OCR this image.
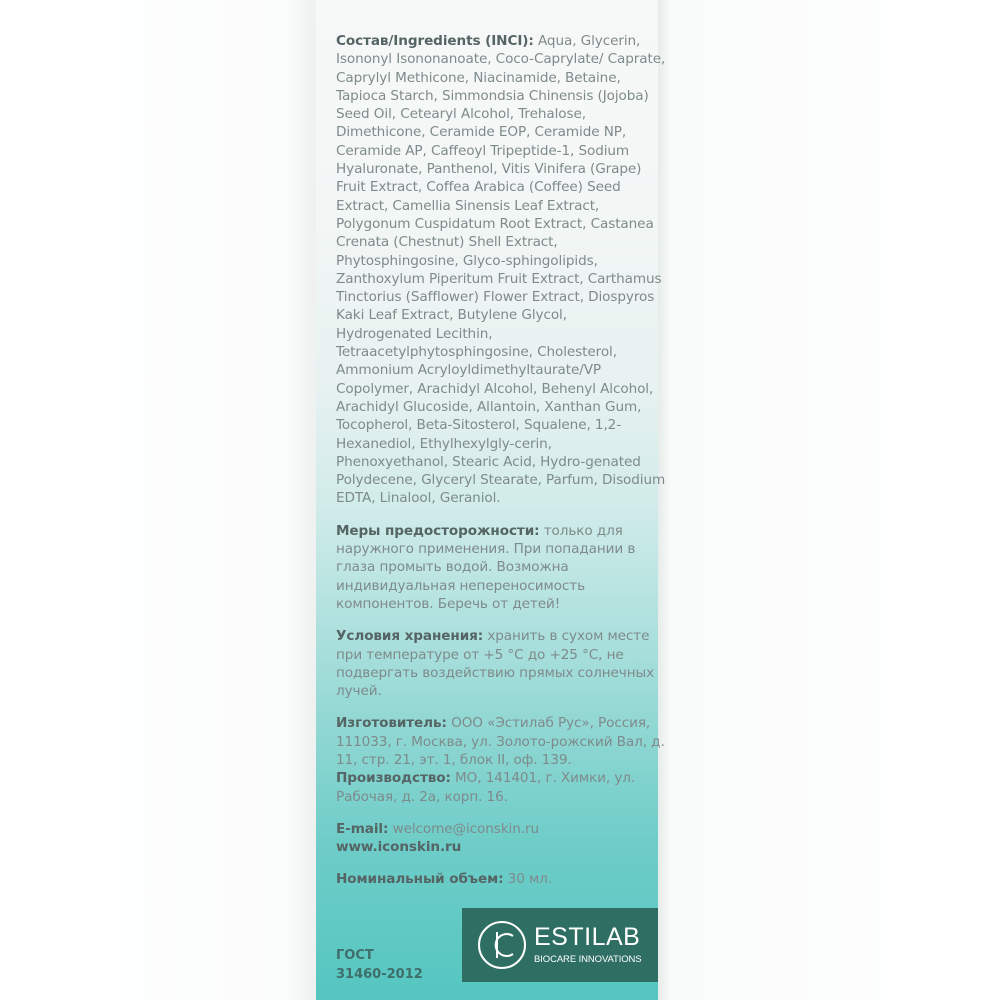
Состав/Ingredients (INCI): Aqua, Glycerin, Isononyl Isononanoate, Coco-Caprylate/ Caprate, Caprylyl Methicone, Niacinamide, Betaine, Tapioca Starch, Simmondsia Chinensis (Jojoba) Seed Oil, Cetearyl Alcohol, Trehalose, Dimethicone, Ceramide EOP, Ceramide NP, Ceramide AP, Caffeoyl Tripeptide-1, Sodium Hyaluronate, Panthenol, Vitis Vinifera (Grape) Fruit Extract, Coffea Arabica (Coffee) Seed Extract, Camellia Sinensis Leaf Extract, Polygonum Cuspidatum Root Extract, Castanea Crenata (Chestnut) Shell Extract, Phytosphingosine, Glyco-sphingolipids, Zanthoxylum Piperitum Fruit Extract, Carthamus Tinctorius (Safflower) Flower Extract, Diospyros Kaki Leaf Extract, Butylene Glycol, Hydrogenated Lecithin, Tetraacetylphytosphingosine, Cholesterol, Ammonium Acryloyldimethyltaurate/VP Copolymer, Arachidyl Alcohol, Behenyl Alcohol, Arachidyl Glucoside, Allantoin, Xanthan Gum, Tocopherol, Beta-Sitosterol, Squalene, 1,2-Hexanediol, Ethylhexylgly-cerin, Phenoxyethanol, Stearic Acid, Hydro-genated Polydecene, Glyceryl Stearate, Parfum, Disodium EDTA, Linalool, Geraniol.

Меры предосторожности: только для наружного применения. При попадании в глаза промыть водой. Возможна индивидуальная непереносимость компонентов. Беречь от детей!

Условия хранения: хранить в сухом месте при температуре от +5 °C до +25 °C, не подвергать воздействию прямых солнечных лучей.

Изготовитель: ООО «Эстилаб Рус», Россия, 111033, г. Москва, ул. Золото-рожский Вал, д. 11, стр. 21, эт. 1, блок II, оф. 139. Производство: МО, 141401, г. Химки, ул. Рабочая, д. 2а, корп. 16.

E-mail: welcome@iconskin.ru

www.iconskin.ru

Номинальный объем: 30 мл.

ГОСТ
31460-2012
ESTILAB
BIOCARE INNOVATIONS
